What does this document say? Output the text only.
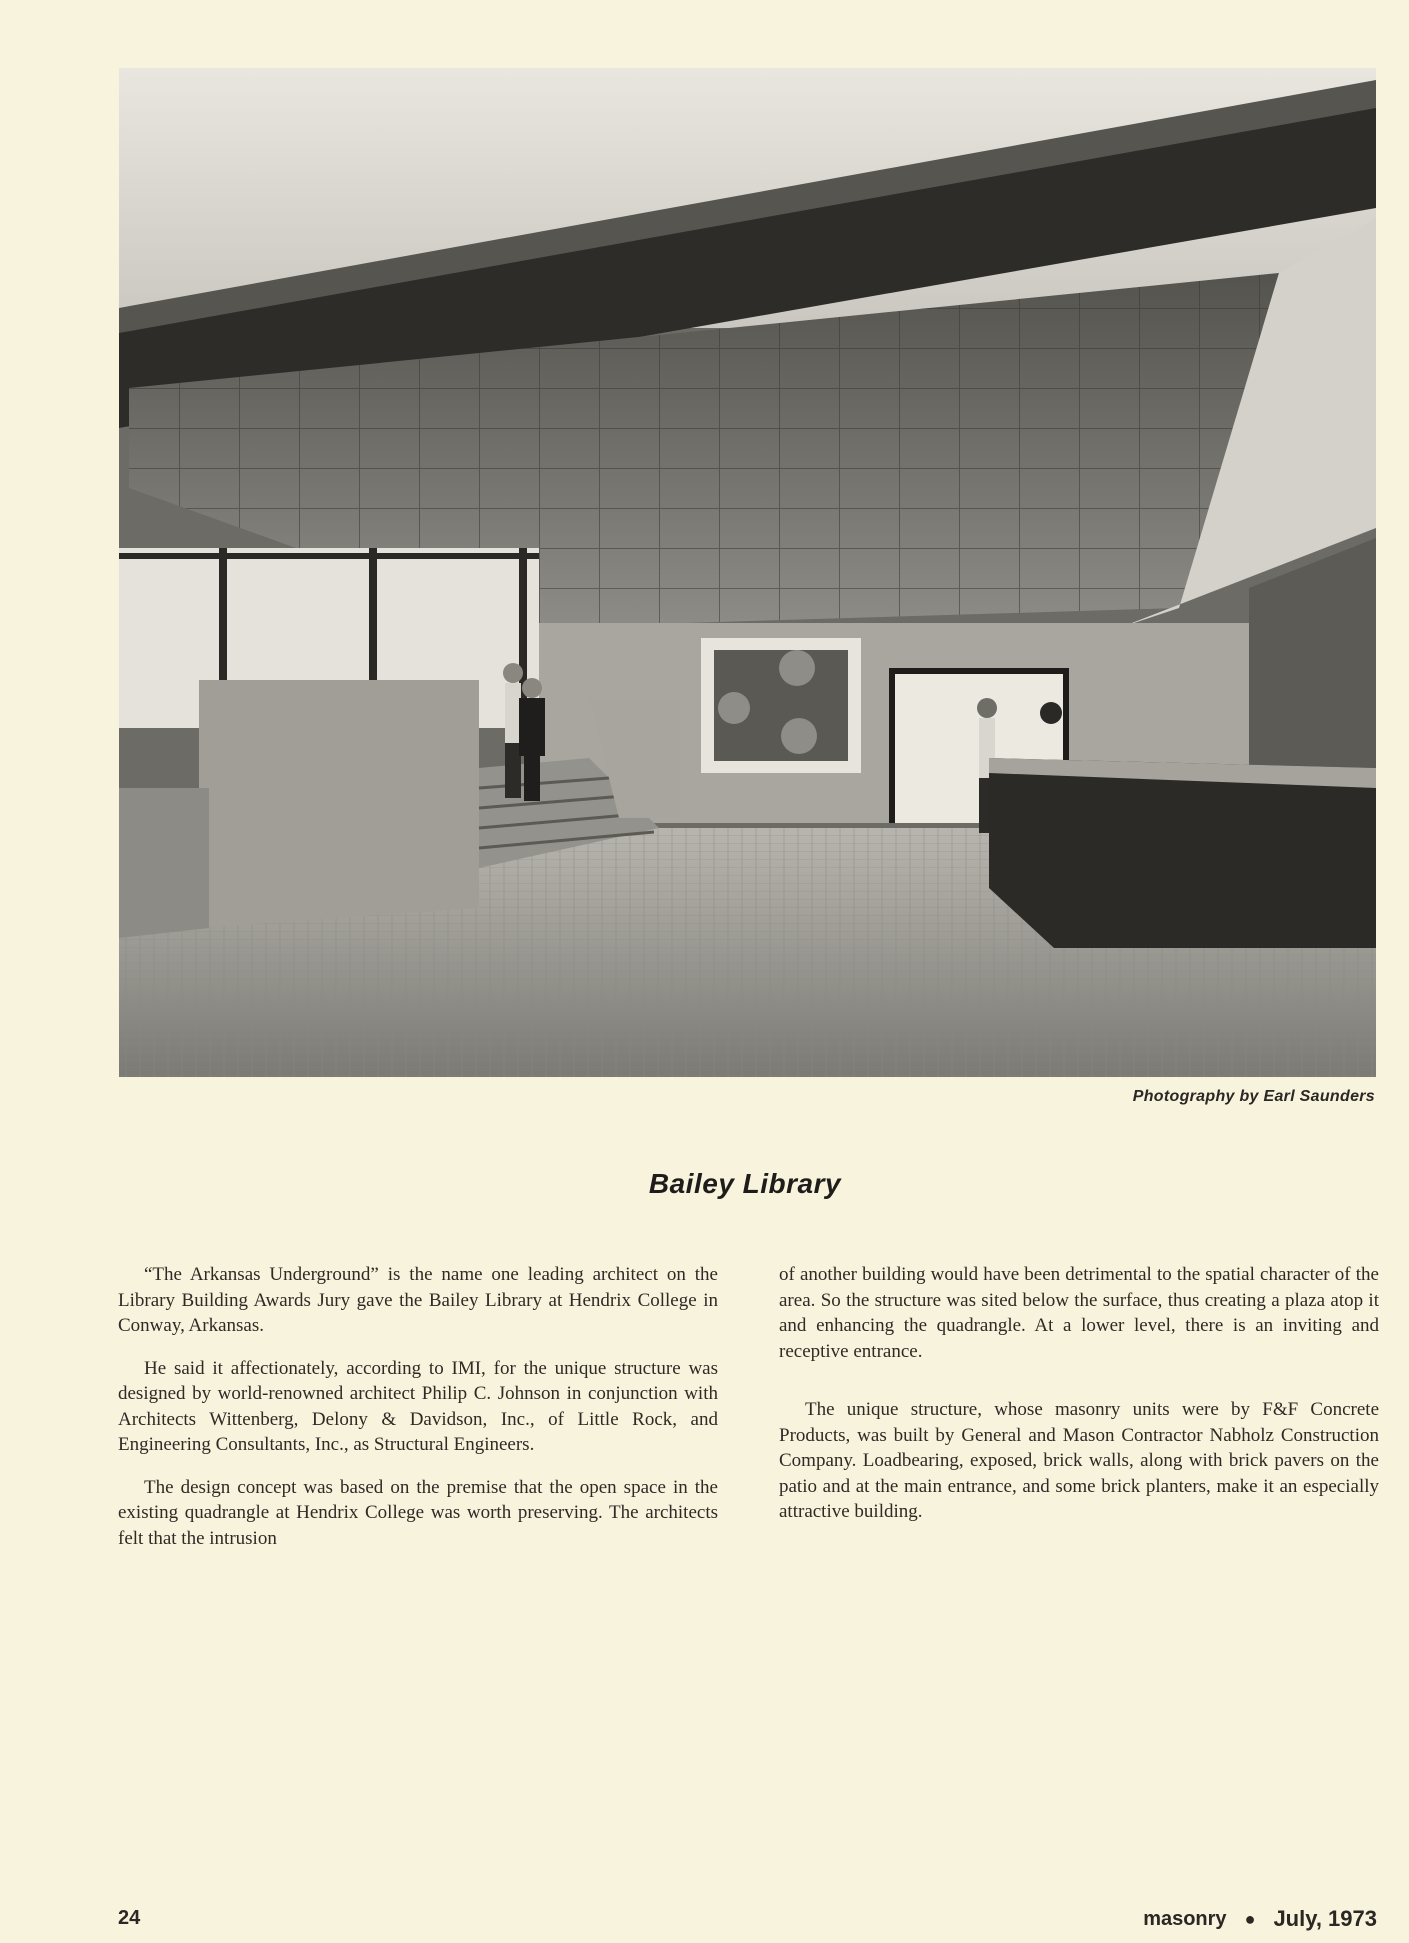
Photography by Earl Saunders
Bailey Library

“The Arkansas Underground” is the name one leading architect on the Library Building Awards Jury gave the Bailey Library at Hendrix College in Conway, Arkansas.

He said it affectionately, according to IMI, for the unique structure was designed by world-renowned architect Philip C. Johnson in conjunction with Architects Wittenberg, Delony & Davidson, Inc., of Little Rock, and Engineering Consultants, Inc., as Structural Engineers.

The design concept was based on the premise that the open space in the existing quadrangle at Hendrix College was worth preserving. The architects felt that the intrusion

of another building would have been detrimental to the spatial character of the area. So the structure was sited below the surface, thus creating a plaza atop it and enhancing the quadrangle. At a lower level, there is an inviting and receptive entrance.

The unique structure, whose masonry units were by F&F Concrete Products, was built by General and Mason Contractor Nabholz Construction Company. Loadbearing, exposed, brick walls, along with brick pavers on the patio and at the main entrance, and some brick planters, make it an especially attractive building.

24	masonry ● July, 1973
